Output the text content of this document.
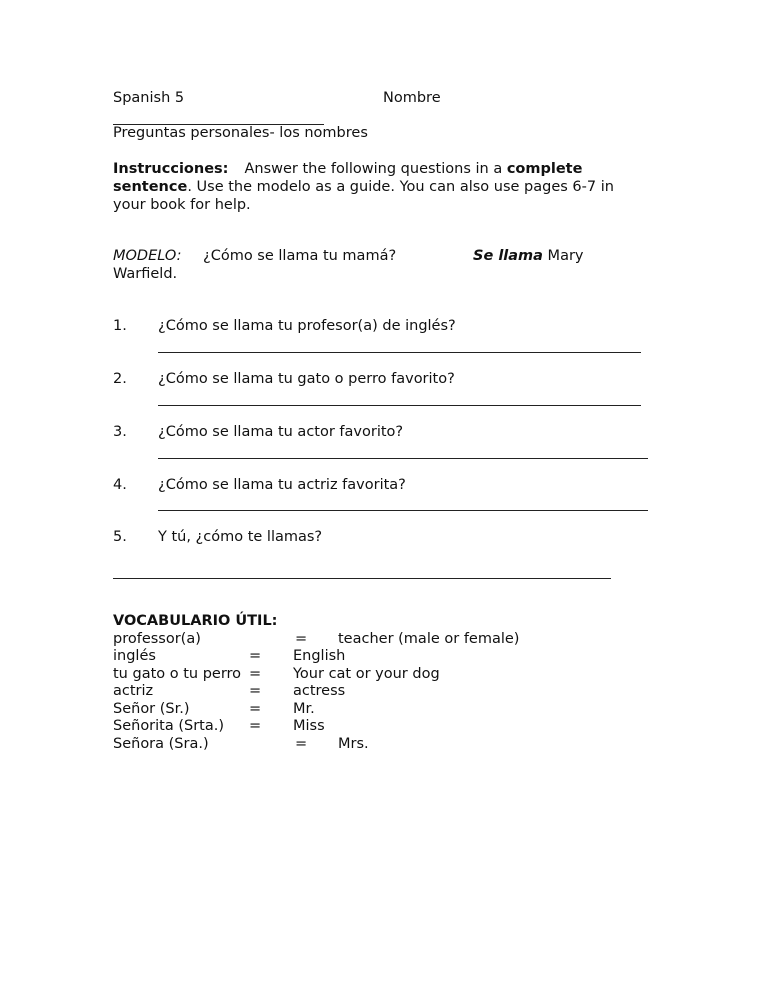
Spanish 5	Nombre
Preguntas personales- los nombres
Instrucciones: Answer the following questions in a complete sentence. Use the modelo as a guide. You can also use pages 6-7 in your book for help.
MODELO: ¿Cómo se llama tu mamá?	Se llama Mary
Warfield.
1. ¿Cómo se llama tu profesor(a) de inglés?
2. ¿Cómo se llama tu gato o perro favorito?
3. ¿Cómo se llama tu actor favorito?
4. ¿Cómo se llama tu actriz favorita?
5. Y tú, ¿cómo te llamas?
VOCABULARIO ÚTIL:
professor(a)	= teacher (male or female)
inglés	= English
tu gato o tu perro = Your cat or your dog
actriz	= actress
Señor (Sr.)	= Mr.
Señorita (Srta.) = Miss
Señora (Sra.)	= Mrs.
